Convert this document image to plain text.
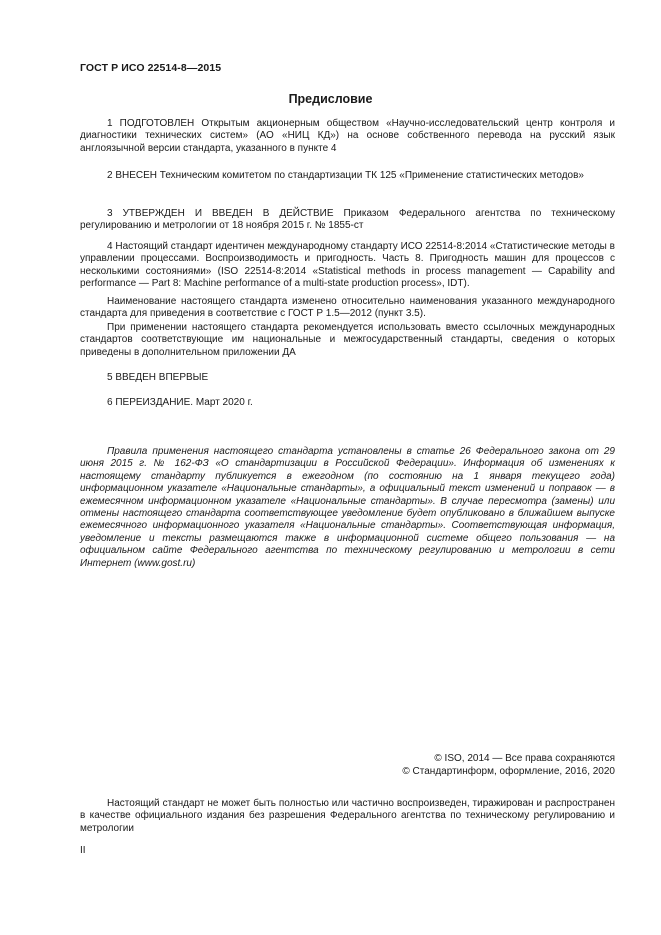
ГОСТ Р ИСО 22514-8—2015
Предисловие

1 ПОДГОТОВЛЕН Открытым акционерным обществом «Научно-исследовательский центр контроля и диагностики технических систем» (АО «НИЦ КД») на основе собственного перевода на русский язык англоязычной версии стандарта, указанного в пункте 4

2 ВНЕСЕН Техническим комитетом по стандартизации ТК 125 «Применение статистических методов»

3 УТВЕРЖДЕН И ВВЕДЕН В ДЕЙСТВИЕ Приказом Федерального агентства по техническому регулированию и метрологии от 18 ноября 2015 г. № 1855-ст

4 Настоящий стандарт идентичен международному стандарту ИСО 22514-8:2014 «Статистические методы в управлении процессами. Воспроизводимость и пригодность. Часть 8. Пригодность машин для процессов с несколькими состояниями» (ISO 22514-8:2014 «Statistical methods in process management — Capability and performance — Part 8: Machine performance of a multi-state production process», IDT).

Наименование настоящего стандарта изменено относительно наименования указанного международного стандарта для приведения в соответствие с ГОСТ Р 1.5—2012 (пункт 3.5).

При применении настоящего стандарта рекомендуется использовать вместо ссылочных международных стандартов соответствующие им национальные и межгосударственный стандарты, сведения о которых приведены в дополнительном приложении ДА

5 ВВЕДЕН ВПЕРВЫЕ

6 ПЕРЕИЗДАНИЕ. Март 2020 г.

Правила применения настоящего стандарта установлены в статье 26 Федерального закона от 29 июня 2015 г. № 162-ФЗ «О стандартизации в Российской Федерации». Информация об изменениях к настоящему стандарту публикуется в ежегодном (по состоянию на 1 января текущего года) информационном указателе «Национальные стандарты», а официальный текст изменений и поправок — в ежемесячном информационном указателе «Национальные стандарты». В случае пересмотра (замены) или отмены настоящего стандарта соответствующее уведомление будет опубликовано в ближайшем выпуске ежемесячного информационного указателя «Национальные стандарты». Соответствующая информация, уведомление и тексты размещаются также в информационной системе общего пользования — на официальном сайте Федерального агентства по техническому регулированию и метрологии в сети Интернет (www.gost.ru)

© ISO, 2014 — Все права сохраняются

© Стандартинформ, оформление, 2016, 2020

Настоящий стандарт не может быть полностью или частично воспроизведен, тиражирован и распространен в качестве официального издания без разрешения Федерального агентства по техническому регулированию и метрологии

II
